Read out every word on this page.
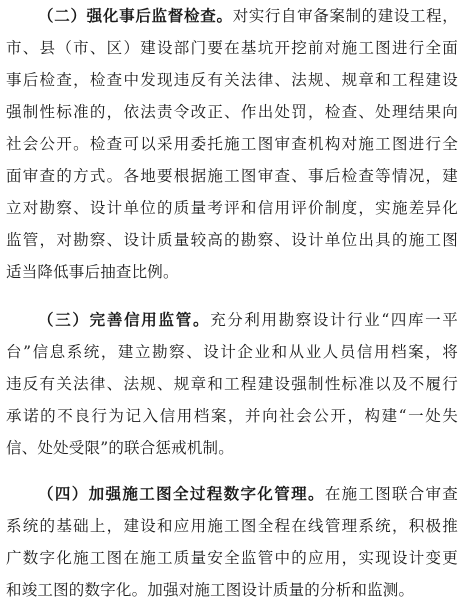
（二）强化事后监督检查。对实行自审备案制的建设工程，
市、县（市、区）建设部门要在基坑开挖前对施工图进行全面
事后检查，检查中发现违反有关法律、法规、规章和工程建设
强制性标准的，依法责令改正、作出处罚，检查、处理结果向
社会公开。检查可以采用委托施工图审查机构对施工图进行全
面审查的方式。各地要根据施工图审查、事后检查等情况，建
立对勘察、设计单位的质量考评和信用评价制度，实施差异化
监管，对勘察、设计质量较高的勘察、设计单位出具的施工图
适当降低事后抽查比例。
（三）完善信用监管。充分利用勘察设计行业“四库一平
台”信息系统，建立勘察、设计企业和从业人员信用档案，将
违反有关法律、法规、规章和工程建设强制性标准以及不履行
承诺的不良行为记入信用档案，并向社会公开，构建“一处失
信、处处受限”的联合惩戒机制。
（四）加强施工图全过程数字化管理。在施工图联合审查
系统的基础上，建设和应用施工图全程在线管理系统，积极推
广数字化施工图在施工质量安全监管中的应用，实现设计变更
和竣工图的数字化。加强对施工图设计质量的分析和监测。
